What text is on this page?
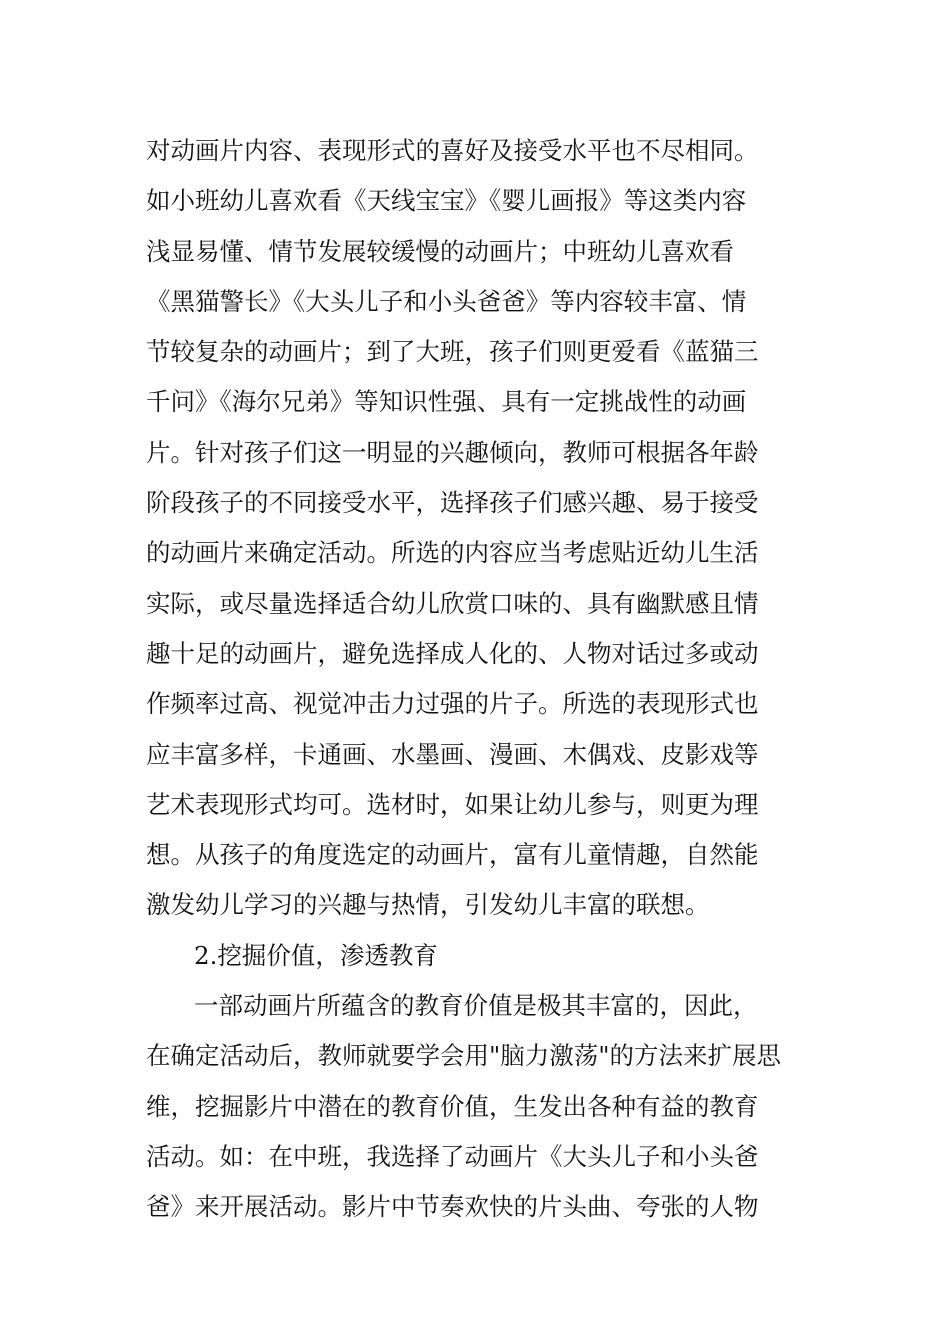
对动画片内容、表现形式的喜好及接受水平也不尽相同。
如小班幼儿喜欢看《天线宝宝》《婴儿画报》等这类内容
浅显易懂、情节发展较缓慢的动画片；中班幼儿喜欢看
《黑猫警长》《大头儿子和小头爸爸》等内容较丰富、情
节较复杂的动画片；到了大班，孩子们则更爱看《蓝猫三
千问》《海尔兄弟》等知识性强、具有一定挑战性的动画
片。针对孩子们这一明显的兴趣倾向，教师可根据各年龄
阶段孩子的不同接受水平，选择孩子们感兴趣、易于接受
的动画片来确定活动。所选的内容应当考虑贴近幼儿生活
实际，或尽量选择适合幼儿欣赏口味的、具有幽默感且情
趣十足的动画片，避免选择成人化的、人物对话过多或动
作频率过高、视觉冲击力过强的片子。所选的表现形式也
应丰富多样，卡通画、水墨画、漫画、木偶戏、皮影戏等
艺术表现形式均可。选材时，如果让幼儿参与，则更为理
想。从孩子的角度选定的动画片，富有儿童情趣，自然能
激发幼儿学习的兴趣与热情，引发幼儿丰富的联想。
2.挖掘价值，渗透教育
一部动画片所蕴含的教育价值是极其丰富的，因此，
在确定活动后，教师就要学会用"脑力激荡"的方法来扩展思
维，挖掘影片中潜在的教育价值，生发出各种有益的教育
活动。如：在中班，我选择了动画片《大头儿子和小头爸
爸》来开展活动。影片中节奏欢快的片头曲、夸张的人物
